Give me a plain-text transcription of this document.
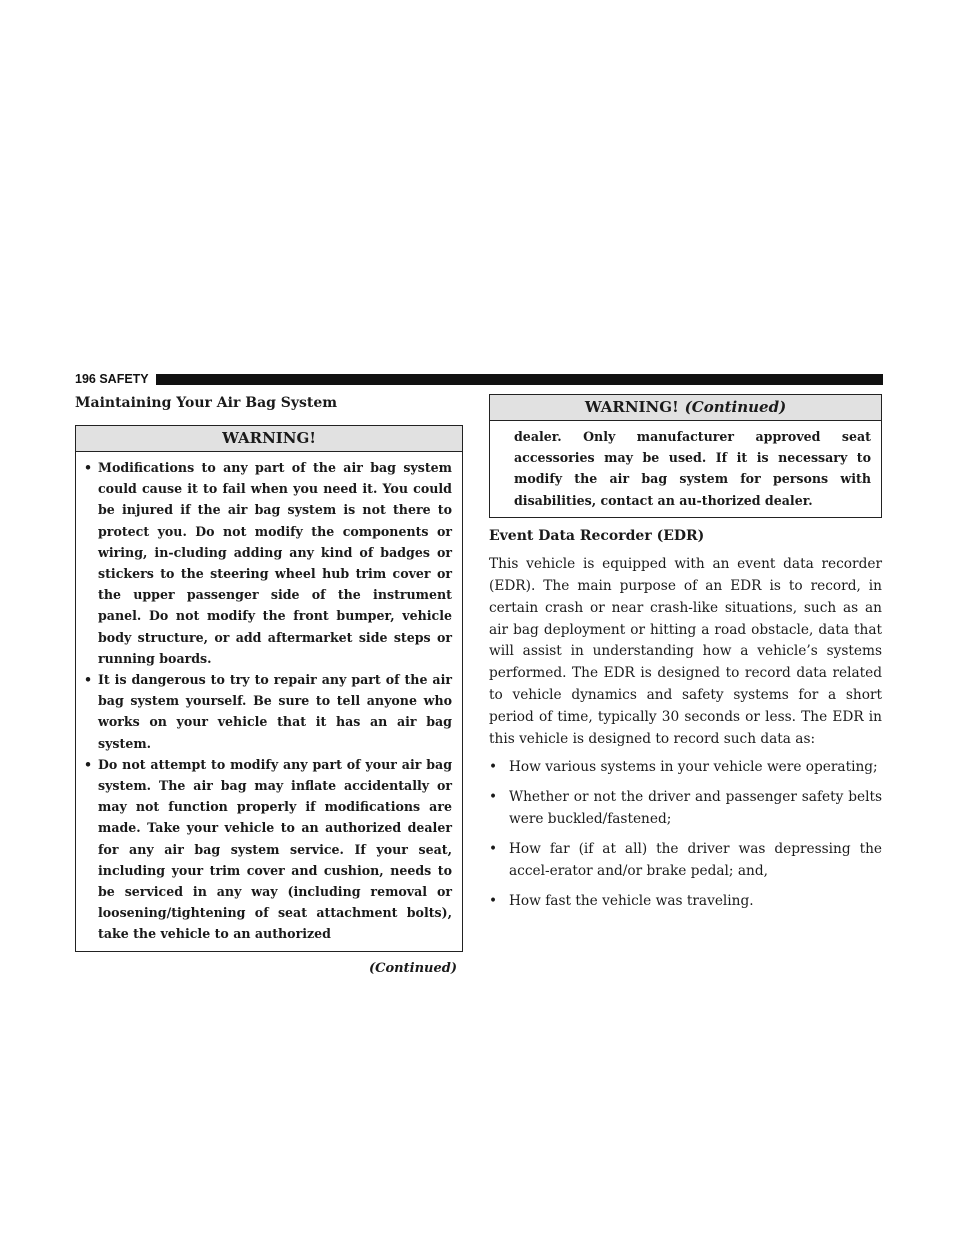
196 SAFETY
Maintaining Your Air Bag System
WARNING!
• Modifications to any part of the air bag system could cause it to fail when you need it. You could be injured if the air bag system is not there to protect you. Do not modify the components or wiring, in-cluding adding any kind of badges or stickers to the steering wheel hub trim cover or the upper passenger side of the instrument panel. Do not modify the front bumper, vehicle body structure, or add aftermarket side steps or running boards.
• It is dangerous to try to repair any part of the air bag system yourself. Be sure to tell anyone who works on your vehicle that it has an air bag system.
• Do not attempt to modify any part of your air bag system. The air bag may inflate accidentally or may not function properly if modifications are made. Take your vehicle to an authorized dealer for any air bag system service. If your seat, including your trim cover and cushion, needs to be serviced in any way (including removal or loosening/tightening of seat attachment bolts), take the vehicle to an authorized
(Continued)
WARNING! (Continued)
dealer. Only manufacturer approved seat accessories may be used. If it is necessary to modify the air bag system for persons with disabilities, contact an au-thorized dealer.
Event Data Recorder (EDR)

This vehicle is equipped with an event data recorder (EDR). The main purpose of an EDR is to record, in certain crash or near crash-like situations, such as an air bag deployment or hitting a road obstacle, data that will assist in understanding how a vehicle’s systems performed. The EDR is designed to record data related to vehicle dynamics and safety systems for a short period of time, typically 30 seconds or less. The EDR in this vehicle is designed to record such data as:

• How various systems in your vehicle were operating;
• Whether or not the driver and passenger safety belts were buckled/fastened;
• How far (if at all) the driver was depressing the accel-erator and/or brake pedal; and,
• How fast the vehicle was traveling.
